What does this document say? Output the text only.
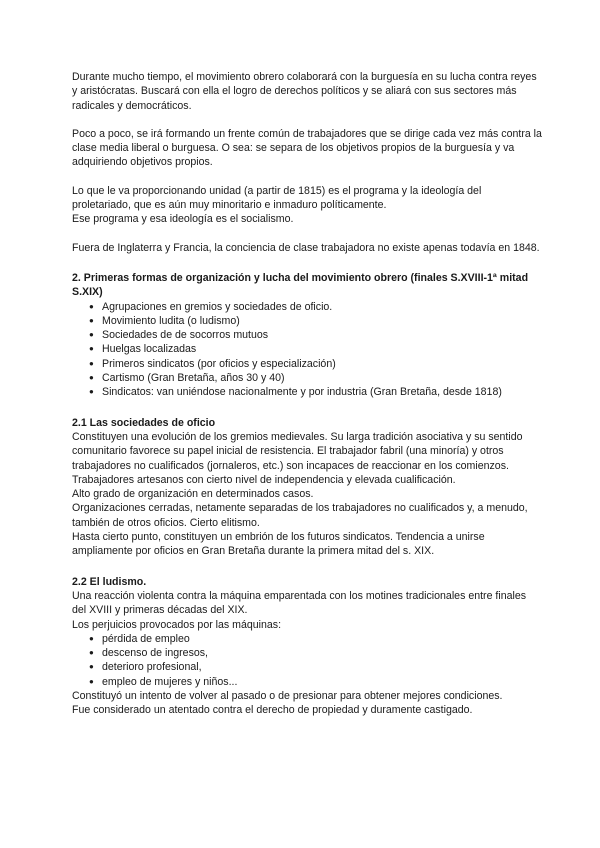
Durante mucho tiempo, el movimiento obrero colaborará con la burguesía en su lucha contra reyes y aristócratas. Buscará con ella el logro de derechos políticos y se aliará con sus sectores más radicales y democráticos.

Poco a poco, se irá formando un frente común de trabajadores que se dirige cada vez más contra la clase media liberal o burguesa. O sea: se separa de los objetivos propios de la burguesía y va adquiriendo objetivos propios.

Lo que le va proporcionando unidad (a partir de 1815) es el programa y la ideología del proletariado, que es aún muy minoritario e inmaduro políticamente.

Ese programa y esa ideología es el socialismo.

Fuera de Inglaterra y Francia, la conciencia de clase trabajadora no existe apenas todavía en 1848.

2. Primeras formas de organización y lucha del movimiento obrero (finales S.XVIII-1ª mitad S.XIX)
● Agrupaciones en gremios y sociedades de oficio.
● Movimiento ludita (o ludismo)
● Sociedades de de socorros mutuos
● Huelgas localizadas
● Primeros sindicatos (por oficios y especialización)
● Cartismo (Gran Bretaña, años 30 y 40)
● Sindicatos: van uniéndose nacionalmente y por industria (Gran Bretaña, desde 1818)
2.1 Las sociedades de oficio

Constituyen una evolución de los gremios medievales. Su larga tradición asociativa y su sentido comunitario favorece su papel inicial de resistencia. El trabajador fabril (una minoría) y otros trabajadores no cualificados (jornaleros, etc.) son incapaces de reaccionar en los comienzos.

Trabajadores artesanos con cierto nivel de independencia y elevada cualificación.

Alto grado de organización en determinados casos.

Organizaciones cerradas, netamente separadas de los trabajadores no cualificados y, a menudo, también de otros oficios. Cierto elitismo.

Hasta cierto punto, constituyen un embrión de los futuros sindicatos. Tendencia a unirse ampliamente por oficios en Gran Bretaña durante la primera mitad del s. XIX.

2.2 El ludismo.

Una reacción violenta contra la máquina emparentada con los motines tradicionales entre finales del XVIII y primeras décadas del XIX.

Los perjuicios provocados por las máquinas:

● pérdida de empleo
● descenso de ingresos,
● deterioro profesional,
● empleo de mujeres y niños...

Constituyó un intento de volver al pasado o de presionar para obtener mejores condiciones.

Fue considerado un atentado contra el derecho de propiedad y duramente castigado.
